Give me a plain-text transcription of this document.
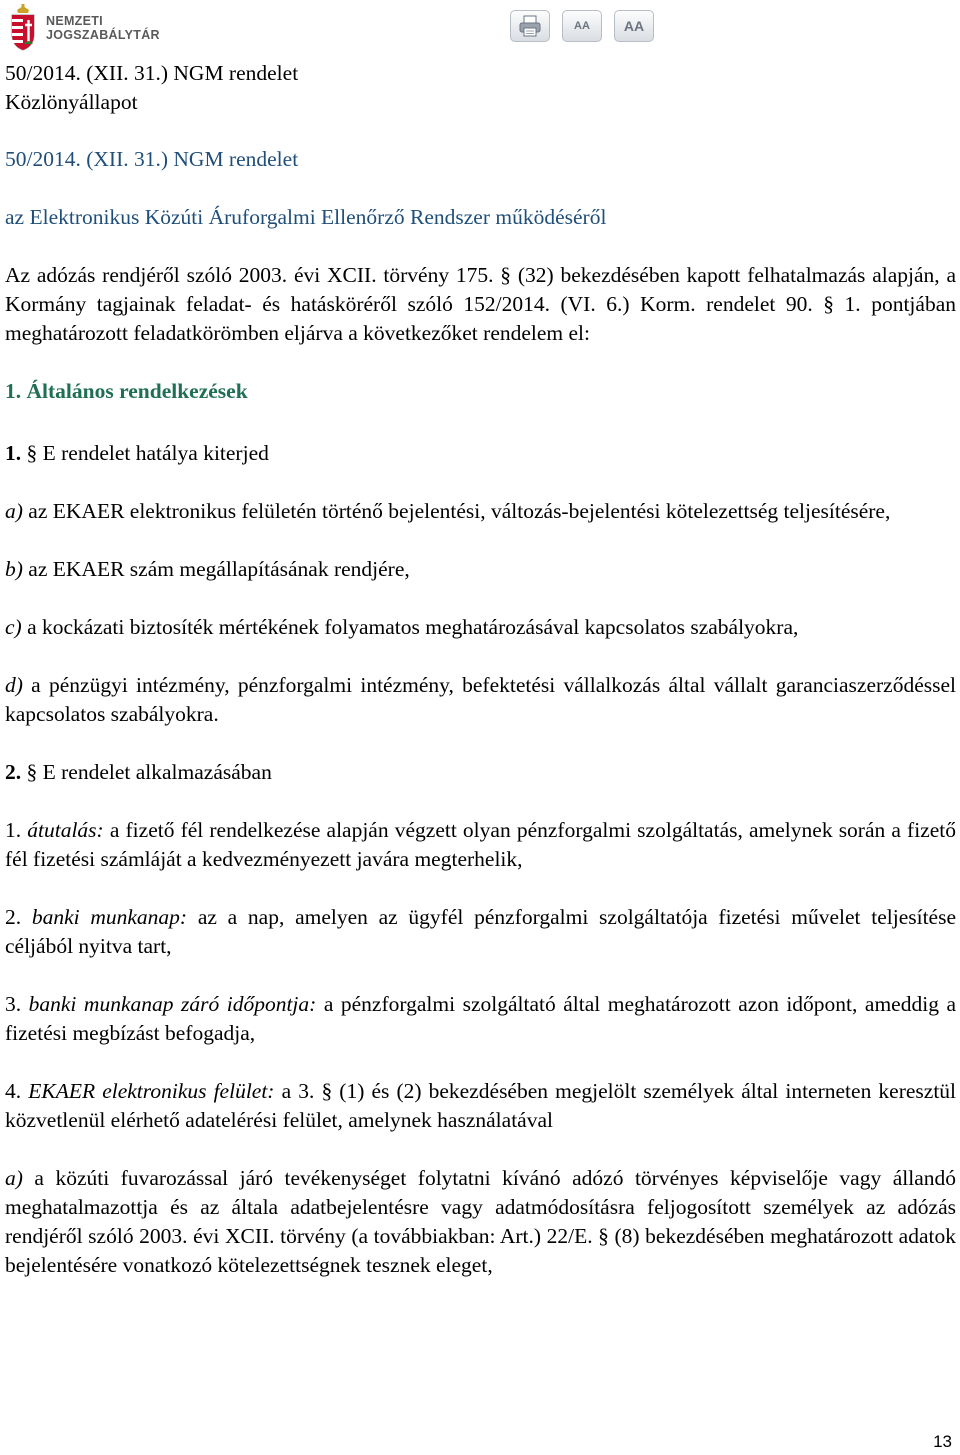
NEMZETI
JOGSZABÁLYTÁR
AA AA

50/2014. (XII. 31.) NGM rendelet

Közlönyállapot

50/2014. (XII. 31.) NGM rendelet

az Elektronikus Közúti Áruforgalmi Ellenőrző Rendszer működéséről

Az adózás rendjéről szóló 2003. évi XCII. törvény 175. § (32) bekezdésében kapott felhatalmazás alapján, a Kormány tagjainak feladat- és hatásköréről szóló 152/2014. (VI. 6.) Korm. rendelet 90. § 1. pontjában meghatározott feladatkörömben eljárva a következőket rendelem el:

1. Általános rendelkezések

1. § E rendelet hatálya kiterjed

a) az EKAER elektronikus felületén történő bejelentési, változás-bejelentési kötelezettség teljesítésére,

b) az EKAER szám megállapításának rendjére,

c) a kockázati biztosíték mértékének folyamatos meghatározásával kapcsolatos szabályokra,

d) a pénzügyi intézmény, pénzforgalmi intézmény, befektetési vállalkozás által vállalt garanciaszerződéssel kapcsolatos szabályokra.

2. § E rendelet alkalmazásában

1. átutalás: a fizető fél rendelkezése alapján végzett olyan pénzforgalmi szolgáltatás, amelynek során a fizető fél fizetési számláját a kedvezményezett javára megterhelik,

2. banki munkanap: az a nap, amelyen az ügyfél pénzforgalmi szolgáltatója fizetési művelet teljesítése céljából nyitva tart,

3. banki munkanap záró időpontja: a pénzforgalmi szolgáltató által meghatározott azon időpont, ameddig a fizetési megbízást befogadja,

4. EKAER elektronikus felület: a 3. § (1) és (2) bekezdésében megjelölt személyek által interneten keresztül közvetlenül elérhető adatelérési felület, amelynek használatával

a) a közúti fuvarozással járó tevékenységet folytatni kívánó adózó törvényes képviselője vagy állandó meghatalmazottja és az általa adatbejelentésre vagy adatmódosításra feljogosított személyek az adózás rendjéről szóló 2003. évi XCII. törvény (a továbbiakban: Art.) 22/E. § (8) bekezdésében meghatározott adatok bejelentésére vonatkozó kötelezettségnek tesznek eleget,

13
